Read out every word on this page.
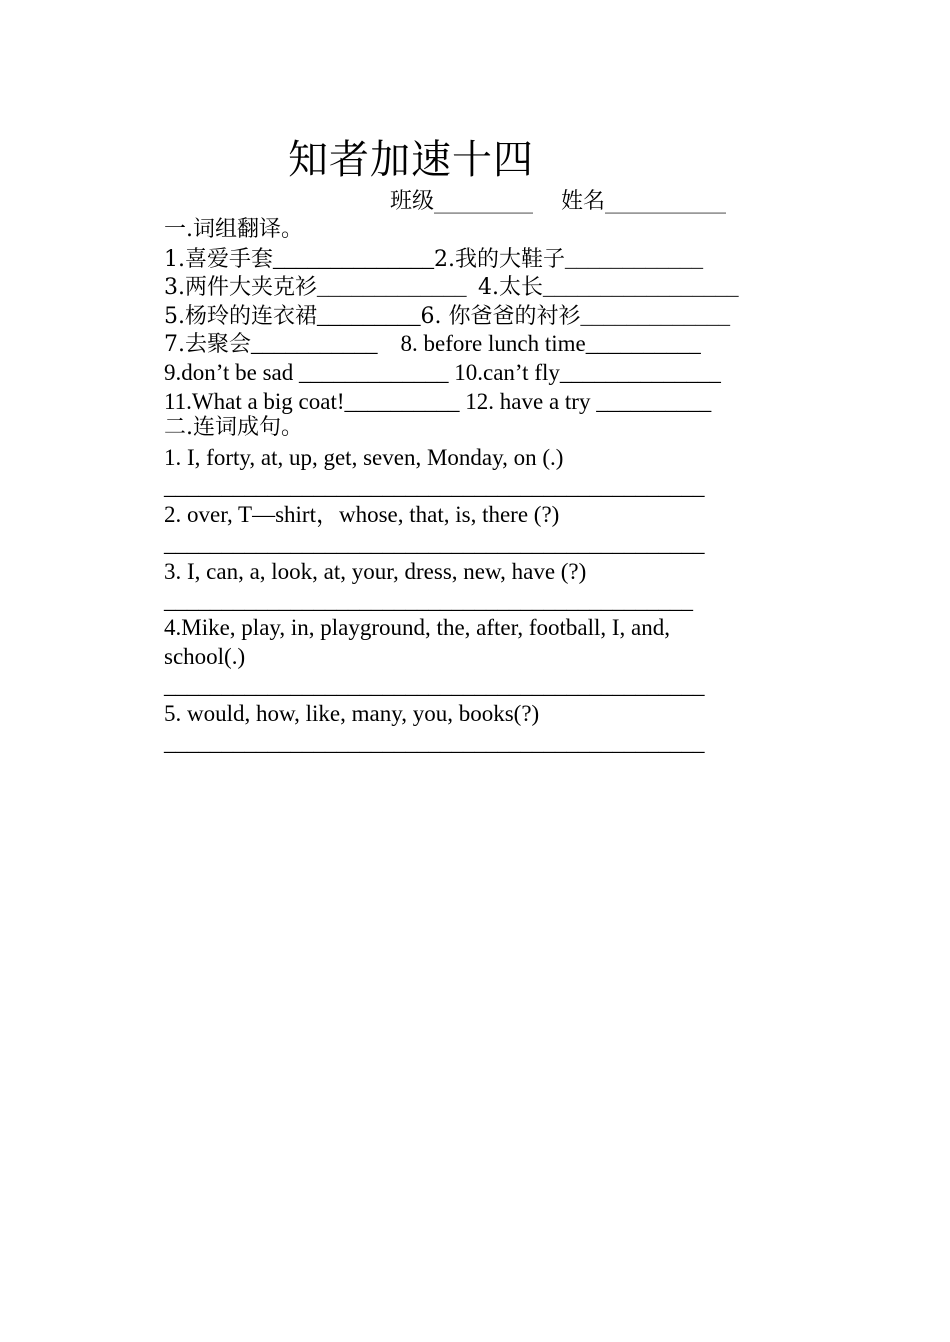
知者加速十四
班级_________ 姓名___________
一.词组翻译。
1.喜爱手套______________2.我的大鞋子____________
3.两件大夹克衫_____________ 4.太长_________________
5.杨玲的连衣裙_________6. 你爸爸的衬衫_____________
7.去聚会___________ 8. before lunch time__________
9.don’t be sad _____________ 10.can’t fly______________
11.What a big coat!__________ 12. have a try __________
二.连词成句。
1. I, forty, at, up, get, seven, Monday, on (.)
_______________________________________________
2. over, T—shirt，whose, that, is, there (?)
_______________________________________________
3. I, can, a, look, at, your, dress, new, have (?)
______________________________________________
4.Mike, play, in, playground, the, after, football, I, and,
school(.)
_______________________________________________
5. would, how, like, many, you, books(?)
_______________________________________________
